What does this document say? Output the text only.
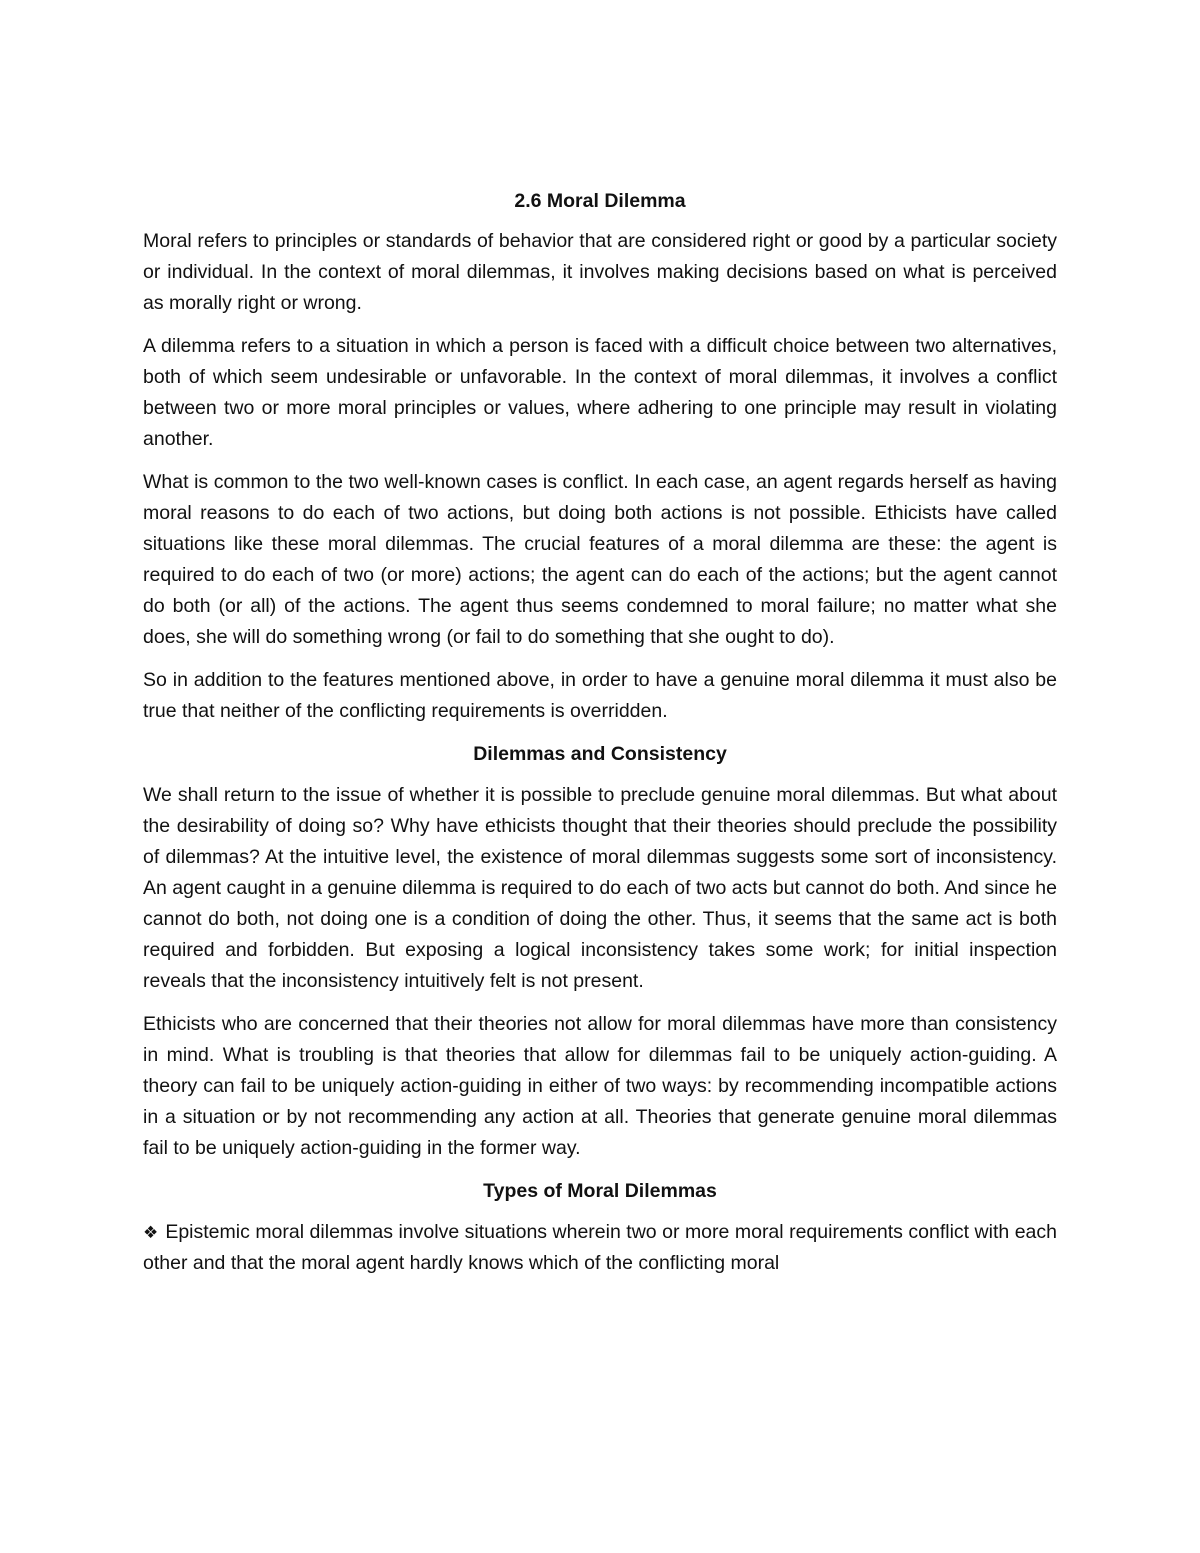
2.6 Moral Dilemma

Moral refers to principles or standards of behavior that are considered right or good by a particular society or individual. In the context of moral dilemmas, it involves making decisions based on what is perceived as morally right or wrong.

A dilemma refers to a situation in which a person is faced with a difficult choice between two alternatives, both of which seem undesirable or unfavorable. In the context of moral dilemmas, it involves a conflict between two or more moral principles or values, where adhering to one principle may result in violating another.

What is common to the two well-known cases is conflict. In each case, an agent regards herself as having moral reasons to do each of two actions, but doing both actions is not possible. Ethicists have called situations like these moral dilemmas. The crucial features of a moral dilemma are these: the agent is required to do each of two (or more) actions; the agent can do each of the actions; but the agent cannot do both (or all) of the actions. The agent thus seems condemned to moral failure; no matter what she does, she will do something wrong (or fail to do something that she ought to do).

So in addition to the features mentioned above, in order to have a genuine moral dilemma it must also be true that neither of the conflicting requirements is overridden.

Dilemmas and Consistency

We shall return to the issue of whether it is possible to preclude genuine moral dilemmas. But what about the desirability of doing so? Why have ethicists thought that their theories should preclude the possibility of dilemmas? At the intuitive level, the existence of moral dilemmas suggests some sort of inconsistency. An agent caught in a genuine dilemma is required to do each of two acts but cannot do both. And since he cannot do both, not doing one is a condition of doing the other. Thus, it seems that the same act is both required and forbidden. But exposing a logical inconsistency takes some work; for initial inspection reveals that the inconsistency intuitively felt is not present.

Ethicists who are concerned that their theories not allow for moral dilemmas have more than consistency in mind. What is troubling is that theories that allow for dilemmas fail to be uniquely action-guiding. A theory can fail to be uniquely action-guiding in either of two ways: by recommending incompatible actions in a situation or by not recommending any action at all. Theories that generate genuine moral dilemmas fail to be uniquely action-guiding in the former way.

Types of Moral Dilemmas

❖ Epistemic moral dilemmas involve situations wherein two or more moral requirements conflict with each other and that the moral agent hardly knows which of the conflicting moral
